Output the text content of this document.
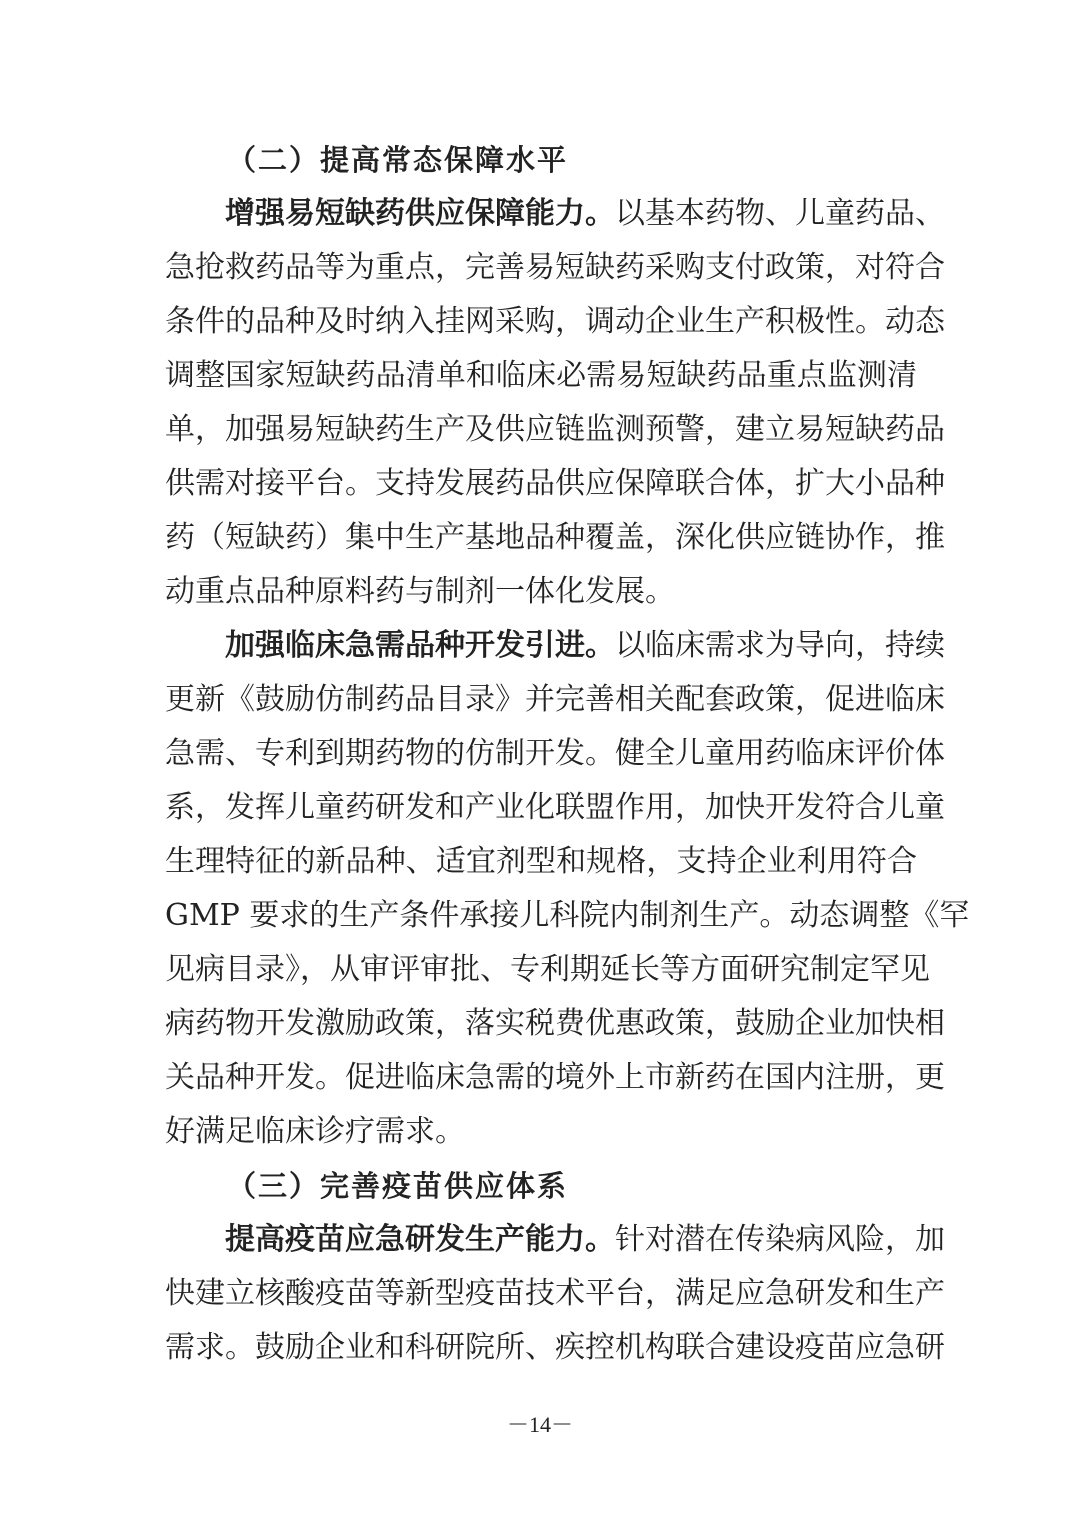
（二）提高常态保障水平
增强易短缺药供应保障能力。以基本药物、儿童药品、
急抢救药品等为重点，完善易短缺药采购支付政策，对符合
条件的品种及时纳入挂网采购，调动企业生产积极性。动态
调整国家短缺药品清单和临床必需易短缺药品重点监测清
单，加强易短缺药生产及供应链监测预警，建立易短缺药品
供需对接平台。支持发展药品供应保障联合体，扩大小品种
药（短缺药）集中生产基地品种覆盖，深化供应链协作，推
动重点品种原料药与制剂一体化发展。
加强临床急需品种开发引进。以临床需求为导向，持续
更新《鼓励仿制药品目录》并完善相关配套政策，促进临床
急需、专利到期药物的仿制开发。健全儿童用药临床评价体
系，发挥儿童药研发和产业化联盟作用，加快开发符合儿童
生理特征的新品种、适宜剂型和规格，支持企业利用符合
GMP 要求的生产条件承接儿科院内制剂生产。动态调整《罕
见病目录》，从审评审批、专利期延长等方面研究制定罕见
病药物开发激励政策，落实税费优惠政策，鼓励企业加快相
关品种开发。促进临床急需的境外上市新药在国内注册，更
好满足临床诊疗需求。
（三）完善疫苗供应体系
提高疫苗应急研发生产能力。针对潜在传染病风险，加
快建立核酸疫苗等新型疫苗技术平台，满足应急研发和生产
需求。鼓励企业和科研院所、疾控机构联合建设疫苗应急研
－14－
